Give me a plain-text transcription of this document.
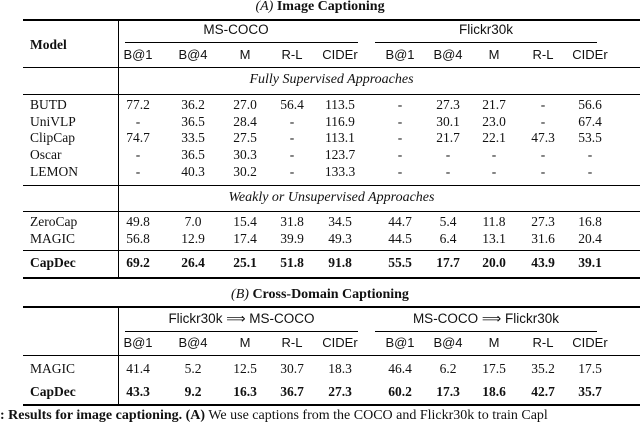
(A) Image Captioning
Model
MS-COCO	Flickr30k
B@1	B@4	M	R-L	CIDEr	B@1	B@4	M	R-L	CIDEr
Fully Supervised Approaches
BUTD	77.2	36.2	27.0	56.4	113.5	-	27.3	21.7	-	56.6
UniVLP	-	36.5	28.4	-	116.9	-	30.1	23.0	-	67.4
ClipCap	74.7	33.5	27.5	-	113.1	-	21.7	22.1	47.3	53.5
Oscar	-	36.5	30.3	-	123.7	-	-	-	-	-
LEMON	-	40.3	30.2	-	133.3	-	-	-	-	-
Weakly or Unsupervised Approaches
ZeroCap	49.8	7.0	15.4	31.8	34.5	44.7	5.4	11.8	27.3	16.8
MAGIC	56.8	12.9	17.4	39.9	49.3	44.5	6.4	13.1	31.6	20.4
CapDec	69.2	26.4	25.1	51.8	91.8	55.5	17.7	20.0	43.9	39.1
(B) Cross-Domain Captioning
Flickr30k ⟹ MS-COCO	MS-COCO ⟹ Flickr30k
B@1	B@4	M	R-L	CIDEr	B@1	B@4	M	R-L	CIDEr
MAGIC	41.4	5.2	12.5	30.7	18.3	46.4	6.2	17.5	35.2	17.5
CapDec	43.3	9.2	16.3	36.7	27.3	60.2	17.3	18.6	42.7	35.7
: Results for image captioning. (A) We use captions from the COCO and Flickr30k to train Capl
